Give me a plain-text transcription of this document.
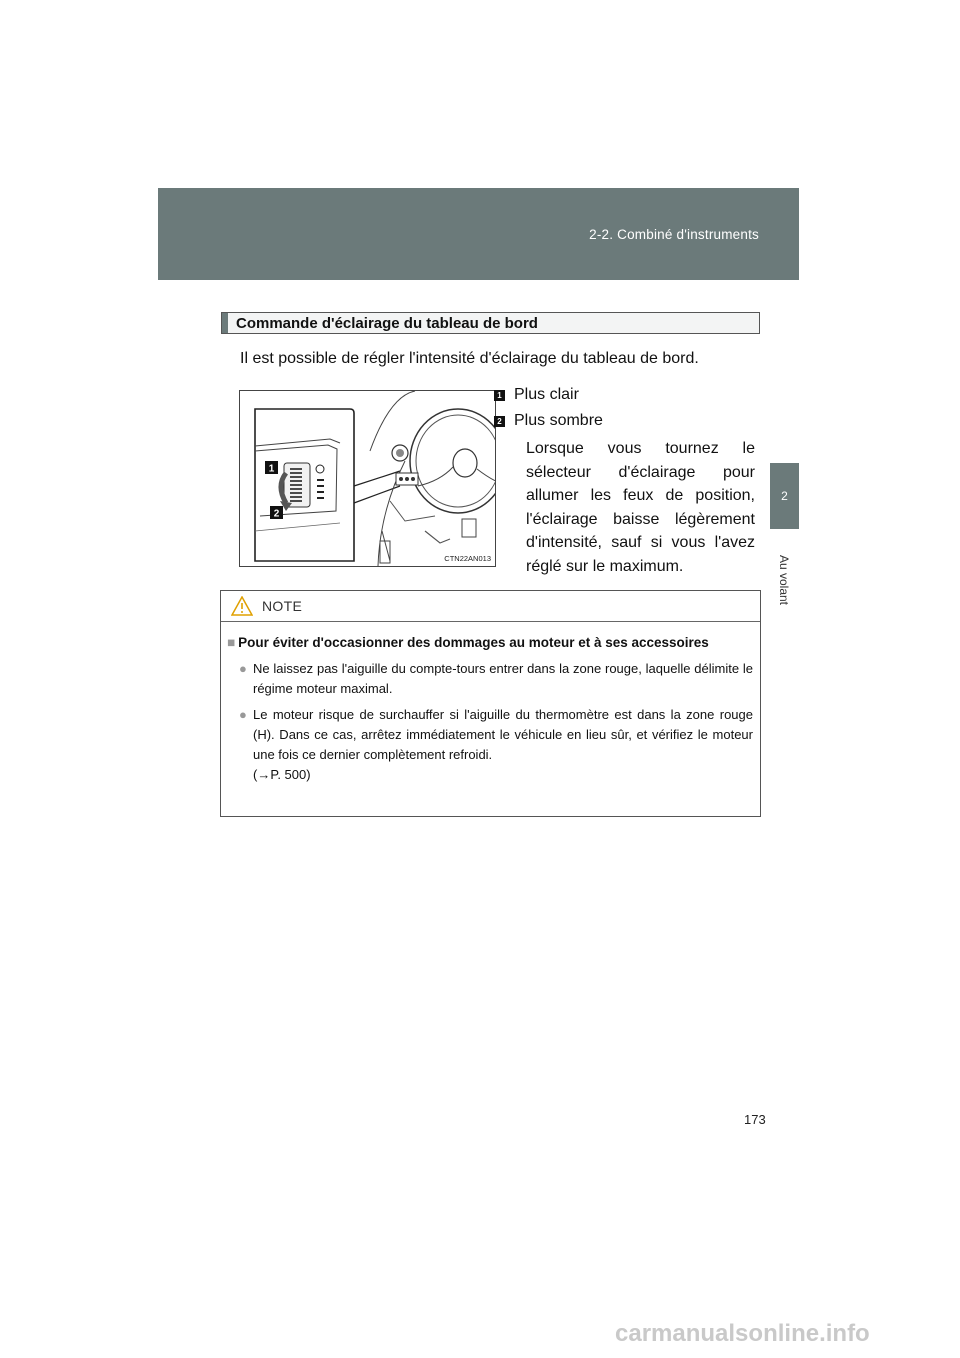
2-2. Combiné d'instruments
2
Au volant
Commande d'éclairage du tableau de bord
Il est possible de régler l'intensité d'éclairage du tableau de bord.
1
2
CTN22AN013
1 Plus clair
2 Plus sombre
Lorsque vous tournez le sélecteur d'éclairage pour allumer les feux de position, l'éclairage baisse légèrement d'intensité, sauf si vous l'avez réglé sur le maximum.
NOTE
■ Pour éviter d'occasionner des dommages au moteur et à ses accessoires
● Ne laissez pas l'aiguille du compte-tours entrer dans la zone rouge, laquelle délimite le régime moteur maximal.
● Le moteur risque de surchauffer si l'aiguille du thermomètre est dans la zone rouge (H). Dans ce cas, arrêtez immédiatement le véhicule en lieu sûr, et vérifiez le moteur une fois ce dernier complètement refroidi.
(→P. 500)
173
carmanualsonline.info
